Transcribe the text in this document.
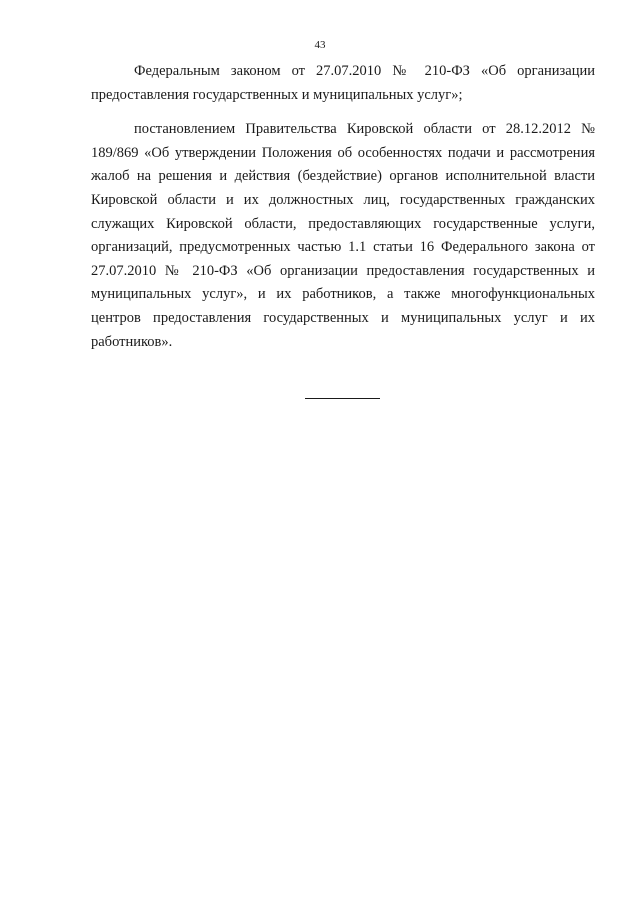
43

Федеральным законом от 27.07.2010 № 210-ФЗ «Об организации предоставления государственных и муниципальных услуг»;

постановлением Правительства Кировской области от 28.12.2012 № 189/869 «Об утверждении Положения об особенностях подачи и рассмотрения жалоб на решения и действия (бездействие) органов исполнительной власти Кировской области и их должностных лиц, государственных гражданских служащих Кировской области, предоставляющих государственные услуги, организаций, предусмотренных частью 1.1 статьи 16 Федерального закона от 27.07.2010 № 210-ФЗ «Об организации предоставления государственных и муниципальных услуг», и их работников, а также многофункциональных центров предоставления государственных и муниципальных услуг и их работников».
